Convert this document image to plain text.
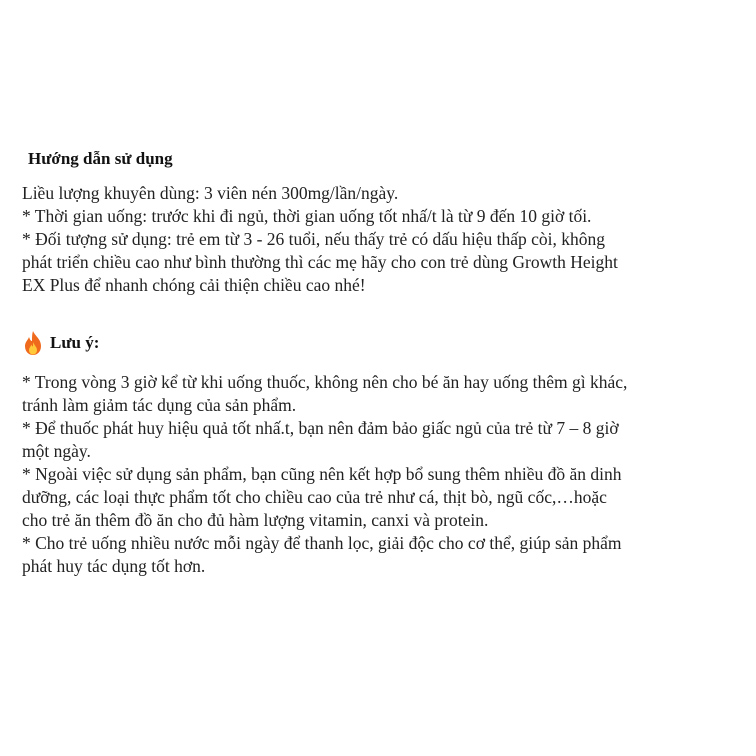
Hướng dẫn sử dụng

Liều lượng khuyên dùng: 3 viên nén 300mg/lần/ngày.

* Thời gian uống: trước khi đi ngủ, thời gian uống tốt nhấ/t là từ 9 đến 10 giờ tối.

* Đối tượng sử dụng: trẻ em từ 3 - 26 tuổi, nếu thấy trẻ có dấu hiệu thấp còi, không

phát triển chiều cao như bình thường thì các mẹ hãy cho con trẻ dùng Growth Height

EX Plus để nhanh chóng cải thiện chiều cao nhé!

Lưu ý:

* Trong vòng 3 giờ kể từ khi uống thuốc, không nên cho bé ăn hay uống thêm gì khác,

tránh làm giảm tác dụng của sản phẩm.

* Để thuốc phát huy hiệu quả tốt nhấ.t, bạn nên đảm bảo giấc ngủ của trẻ từ 7 – 8 giờ

một ngày.

* Ngoài việc sử dụng sản phẩm, bạn cũng nên kết hợp bổ sung thêm nhiều đồ ăn dinh

dưỡng, các loại thực phẩm tốt cho chiều cao của trẻ như cá, thịt bò, ngũ cốc,…hoặc

cho trẻ ăn thêm đồ ăn cho đủ hàm lượng vitamin, canxi và protein.

* Cho trẻ uống nhiều nước mỗi ngày để thanh lọc, giải độc cho cơ thể, giúp sản phẩm

phát huy tác dụng tốt hơn.
